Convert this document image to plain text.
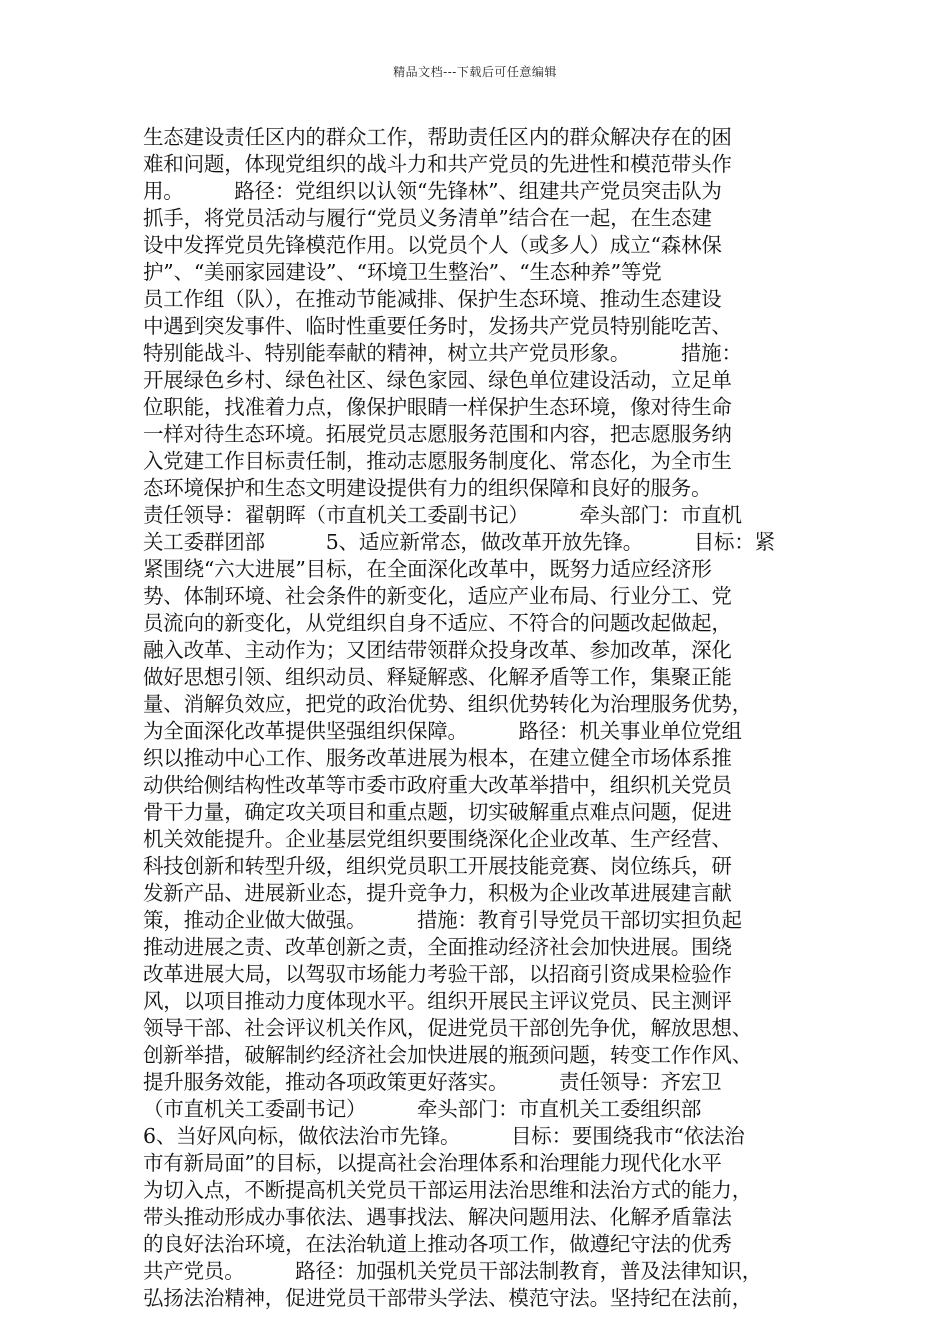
精品文档---下载后可任意编辑
生态建设责任区内的群众工作，帮助责任区内的群众解决存在的困
难和问题，体现党组织的战斗力和共产党员的先进性和模范带头作
用。　　　路径：党组织以认领“先锋林”、组建共产党员突击队为
抓手，将党员活动与履行“党员义务清单”结合在一起，在生态建
设中发挥党员先锋模范作用。以党员个人（或多人）成立“森林保
护”、“美丽家园建设”、“环境卫生整治”、“生态种养”等党
员工作组（队），在推动节能减排、保护生态环境、推动生态建设
中遇到突发事件、临时性重要任务时，发扬共产党员特别能吃苦、
特别能战斗、特别能奉献的精神，树立共产党员形象。　　　措施：
开展绿色乡村、绿色社区、绿色家园、绿色单位建设活动，立足单
位职能，找准着力点，像保护眼睛一样保护生态环境，像对待生命
一样对待生态环境。拓展党员志愿服务范围和内容，把志愿服务纳
入党建工作目标责任制，推动志愿服务制度化、常态化，为全市生
态环境保护和生态文明建设提供有力的组织保障和良好的服务。
责任领导：翟朝晖（市直机关工委副书记）　　　牵头部门：市直机
关工委群团部　　　5、适应新常态，做改革开放先锋。　　　目标：紧
紧围绕“六大进展”目标，在全面深化改革中，既努力适应经济形
势、体制环境、社会条件的新变化，适应产业布局、行业分工、党
员流向的新变化，从党组织自身不适应、不符合的问题改起做起，
融入改革、主动作为；又团结带领群众投身改革、参加改革，深化
做好思想引领、组织动员、释疑解惑、化解矛盾等工作，集聚正能
量、消解负效应，把党的政治优势、组织优势转化为治理服务优势，
为全面深化改革提供坚强组织保障。　　　路径：机关事业单位党组
织以推动中心工作、服务改革进展为根本，在建立健全市场体系推
动供给侧结构性改革等市委市政府重大改革举措中，组织机关党员
骨干力量，确定攻关项目和重点题，切实破解重点难点问题，促进
机关效能提升。企业基层党组织要围绕深化企业改革、生产经营、
科技创新和转型升级，组织党员职工开展技能竞赛、岗位练兵，研
发新产品、进展新业态，提升竞争力，积极为企业改革进展建言献
策，推动企业做大做强。　　　措施：教育引导党员干部切实担负起
推动进展之责、改革创新之责，全面推动经济社会加快进展。围绕
改革进展大局，以驾驭市场能力考验干部，以招商引资成果检验作
风，以项目推动力度体现水平。组织开展民主评议党员、民主测评
领导干部、社会评议机关作风，促进党员干部创先争优，解放思想、
创新举措，破解制约经济社会加快进展的瓶颈问题，转变工作作风、
提升服务效能，推动各项政策更好落实。　　　责任领导：齐宏卫
（市直机关工委副书记）　　　牵头部门：市直机关工委组织部
6、当好风向标，做依法治市先锋。　　　目标：要围绕我市“依法治
市有新局面”的目标，以提高社会治理体系和治理能力现代化水平
为切入点，不断提高机关党员干部运用法治思维和法治方式的能力，
带头推动形成办事依法、遇事找法、解决问题用法、化解矛盾靠法
的良好法治环境，在法治轨道上推动各项工作，做遵纪守法的优秀
共产党员。　　　路径：加强机关党员干部法制教育，普及法律知识，
弘扬法治精神，促进党员干部带头学法、模范守法。坚持纪在法前，
